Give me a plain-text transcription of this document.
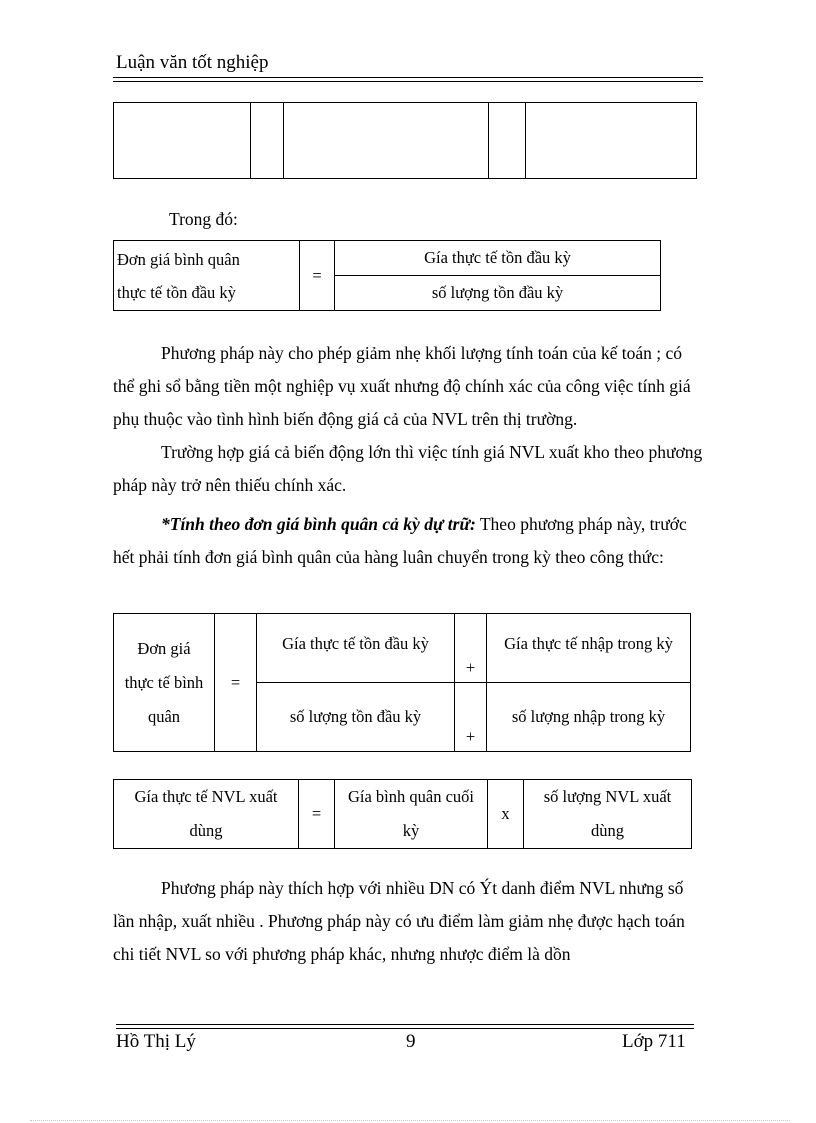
Luận văn tốt nghiệp

Trong đó:
Đơn giá bình quân
thực tế tồn đầu kỳ	=	Gía thực tế tồn đầu kỳ
số lượng tồn đầu kỳ
Phương pháp này cho phép giảm nhẹ khối lượng tính toán của kế toán ; có thể ghi sổ bằng tiền một nghiệp vụ xuất nhưng độ chính xác của công việc tính giá phụ thuộc vào tình hình biến động giá cả của NVL trên thị trường.
Trường hợp giá cả biến động lớn thì việc tính giá NVL xuất kho theo phương pháp này trở nên thiếu chính xác.
*Tính theo đơn giá bình quân cả kỳ dự trữ: Theo phương pháp này, trước hết phải tính đơn giá bình quân của hàng luân chuyển trong kỳ theo công thức:
Đơn giá
thực tế bình
quân	=	Gía thực tế tồn đầu kỳ	+	Gía thực tế nhập trong kỳ
		số lượng tồn đầu kỳ	+	số lượng nhập trong kỳ
Gía thực tế NVL xuất
dùng	=	Gía bình quân cuối
kỳ	x	số lượng NVL xuất
dùng
Phương pháp này thích hợp với nhiều DN có Ýt danh điểm NVL nhưng số lần nhập, xuất nhiều . Phương pháp này có ưu điểm làm giảm nhẹ được hạch toán chi tiết NVL so với phương pháp khác, nhưng nhược điểm là dồn
Hồ Thị Lý	9	Lớp 711
